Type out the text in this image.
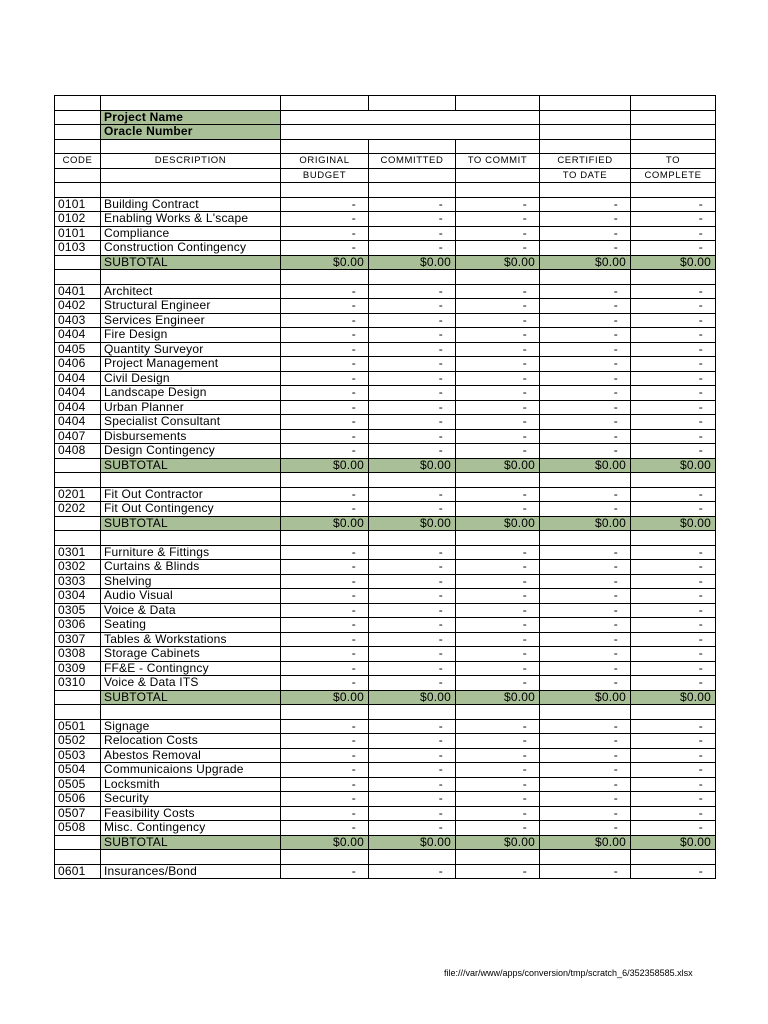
	Project Name					
	Oracle Number					

CODE	DESCRIPTION	ORIGINAL	COMMITTED	TO COMMIT	CERTIFIED	TO
		BUDGET			TO DATE	COMPLETE

0101	Building Contract	-	-	-	-	-
0102	Enabling Works & L'scape	-	-	-	-	-
0101	Compliance	-	-	-	-	-
0103	Construction Contingency	-	-	-	-	-
	SUBTOTAL	$0.00	$0.00	$0.00	$0.00	$0.00

0401	Architect	-	-	-	-	-
0402	Structural Engineer	-	-	-	-	-
0403	Services Engineer	-	-	-	-	-
0404	Fire Design	-	-	-	-	-
0405	Quantity Surveyor	-	-	-	-	-
0406	Project Management	-	-	-	-	-
0404	Civil Design	-	-	-	-	-
0404	Landscape Design	-	-	-	-	-
0404	Urban Planner	-	-	-	-	-
0404	Specialist Consultant	-	-	-	-	-
0407	Disbursements	-	-	-	-	-
0408	Design Contingency	-	-	-	-	-
	SUBTOTAL	$0.00	$0.00	$0.00	$0.00	$0.00

0201	Fit Out Contractor	-	-	-	-	-
0202	Fit Out Contingency	-	-	-	-	-
	SUBTOTAL	$0.00	$0.00	$0.00	$0.00	$0.00

0301	Furniture & Fittings	-	-	-	-	-
0302	Curtains & Blinds	-	-	-	-	-
0303	Shelving	-	-	-	-	-
0304	Audio Visual	-	-	-	-	-
0305	Voice & Data	-	-	-	-	-
0306	Seating	-	-	-	-	-
0307	Tables & Workstations	-	-	-	-	-
0308	Storage Cabinets	-	-	-	-	-
0309	FF&E - Contingncy	-	-	-	-	-
0310	Voice & Data ITS	-	-	-	-	-
	SUBTOTAL	$0.00	$0.00	$0.00	$0.00	$0.00

0501	Signage	-	-	-	-	-
0502	Relocation Costs	-	-	-	-	-
0503	Abestos Removal	-	-	-	-	-
0504	Communicaions Upgrade	-	-	-	-	-
0505	Locksmith	-	-	-	-	-
0506	Security	-	-	-	-	-
0507	Feasibility Costs	-	-	-	-	-
0508	Misc. Contingency	-	-	-	-	-
	SUBTOTAL	$0.00	$0.00	$0.00	$0.00	$0.00

0601	Insurances/Bond	-	-	-	-	-
file:///var/www/apps/conversion/tmp/scratch_6/352358585.xlsx
